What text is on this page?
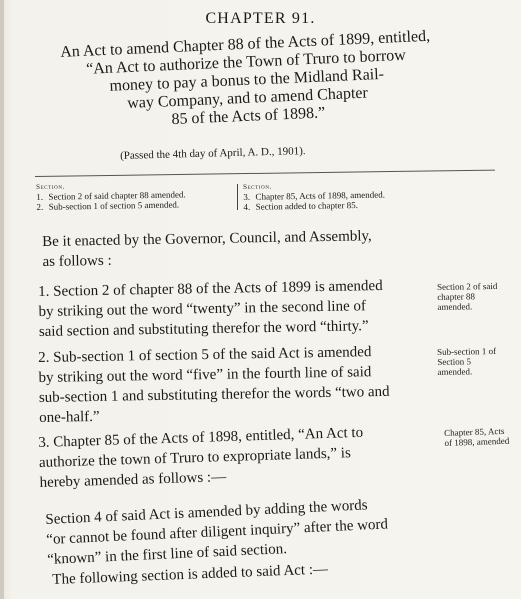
CHAPTER 91.
An Act to amend Chapter 88 of the Acts of 1899, entitled,
“An Act to authorize the Town of Truro to borrow
money to pay a bonus to the Midland Rail-
way Company, and to amend Chapter
85 of the Acts of 1898.”
(Passed the 4th day of April, A. D., 1901).
Section.
1. Section 2 of said chapter 88 amended.
2. Sub-section 1 of section 5 amended.
Section.
3. Chapter 85, Acts of 1898, amended.
4. Section added to chapter 85.
Be it enacted by the Governor, Council, and Assembly,
as follows :
1. Section 2 of chapter 88 of the Acts of 1899 is amended
by striking out the word “twenty” in the second line of
said section and substituting therefor the word “thirty.”
Section 2 of said
chapter 88
amended.
2. Sub-section 1 of section 5 of the said Act is amended
by striking out the word “five” in the fourth line of said
sub-section 1 and substituting therefor the words “two and
one-half.”
Sub-section 1 of
Section 5
amended.
3. Chapter 85 of the Acts of 1898, entitled, “An Act to
authorize the town of Truro to expropriate lands,” is
hereby amended as follows :—
Chapter 85, Acts
of 1898, amended
Section 4 of said Act is amended by adding the words
“or cannot be found after diligent inquiry” after the word
“known” in the first line of said section.
The following section is added to said Act :—
